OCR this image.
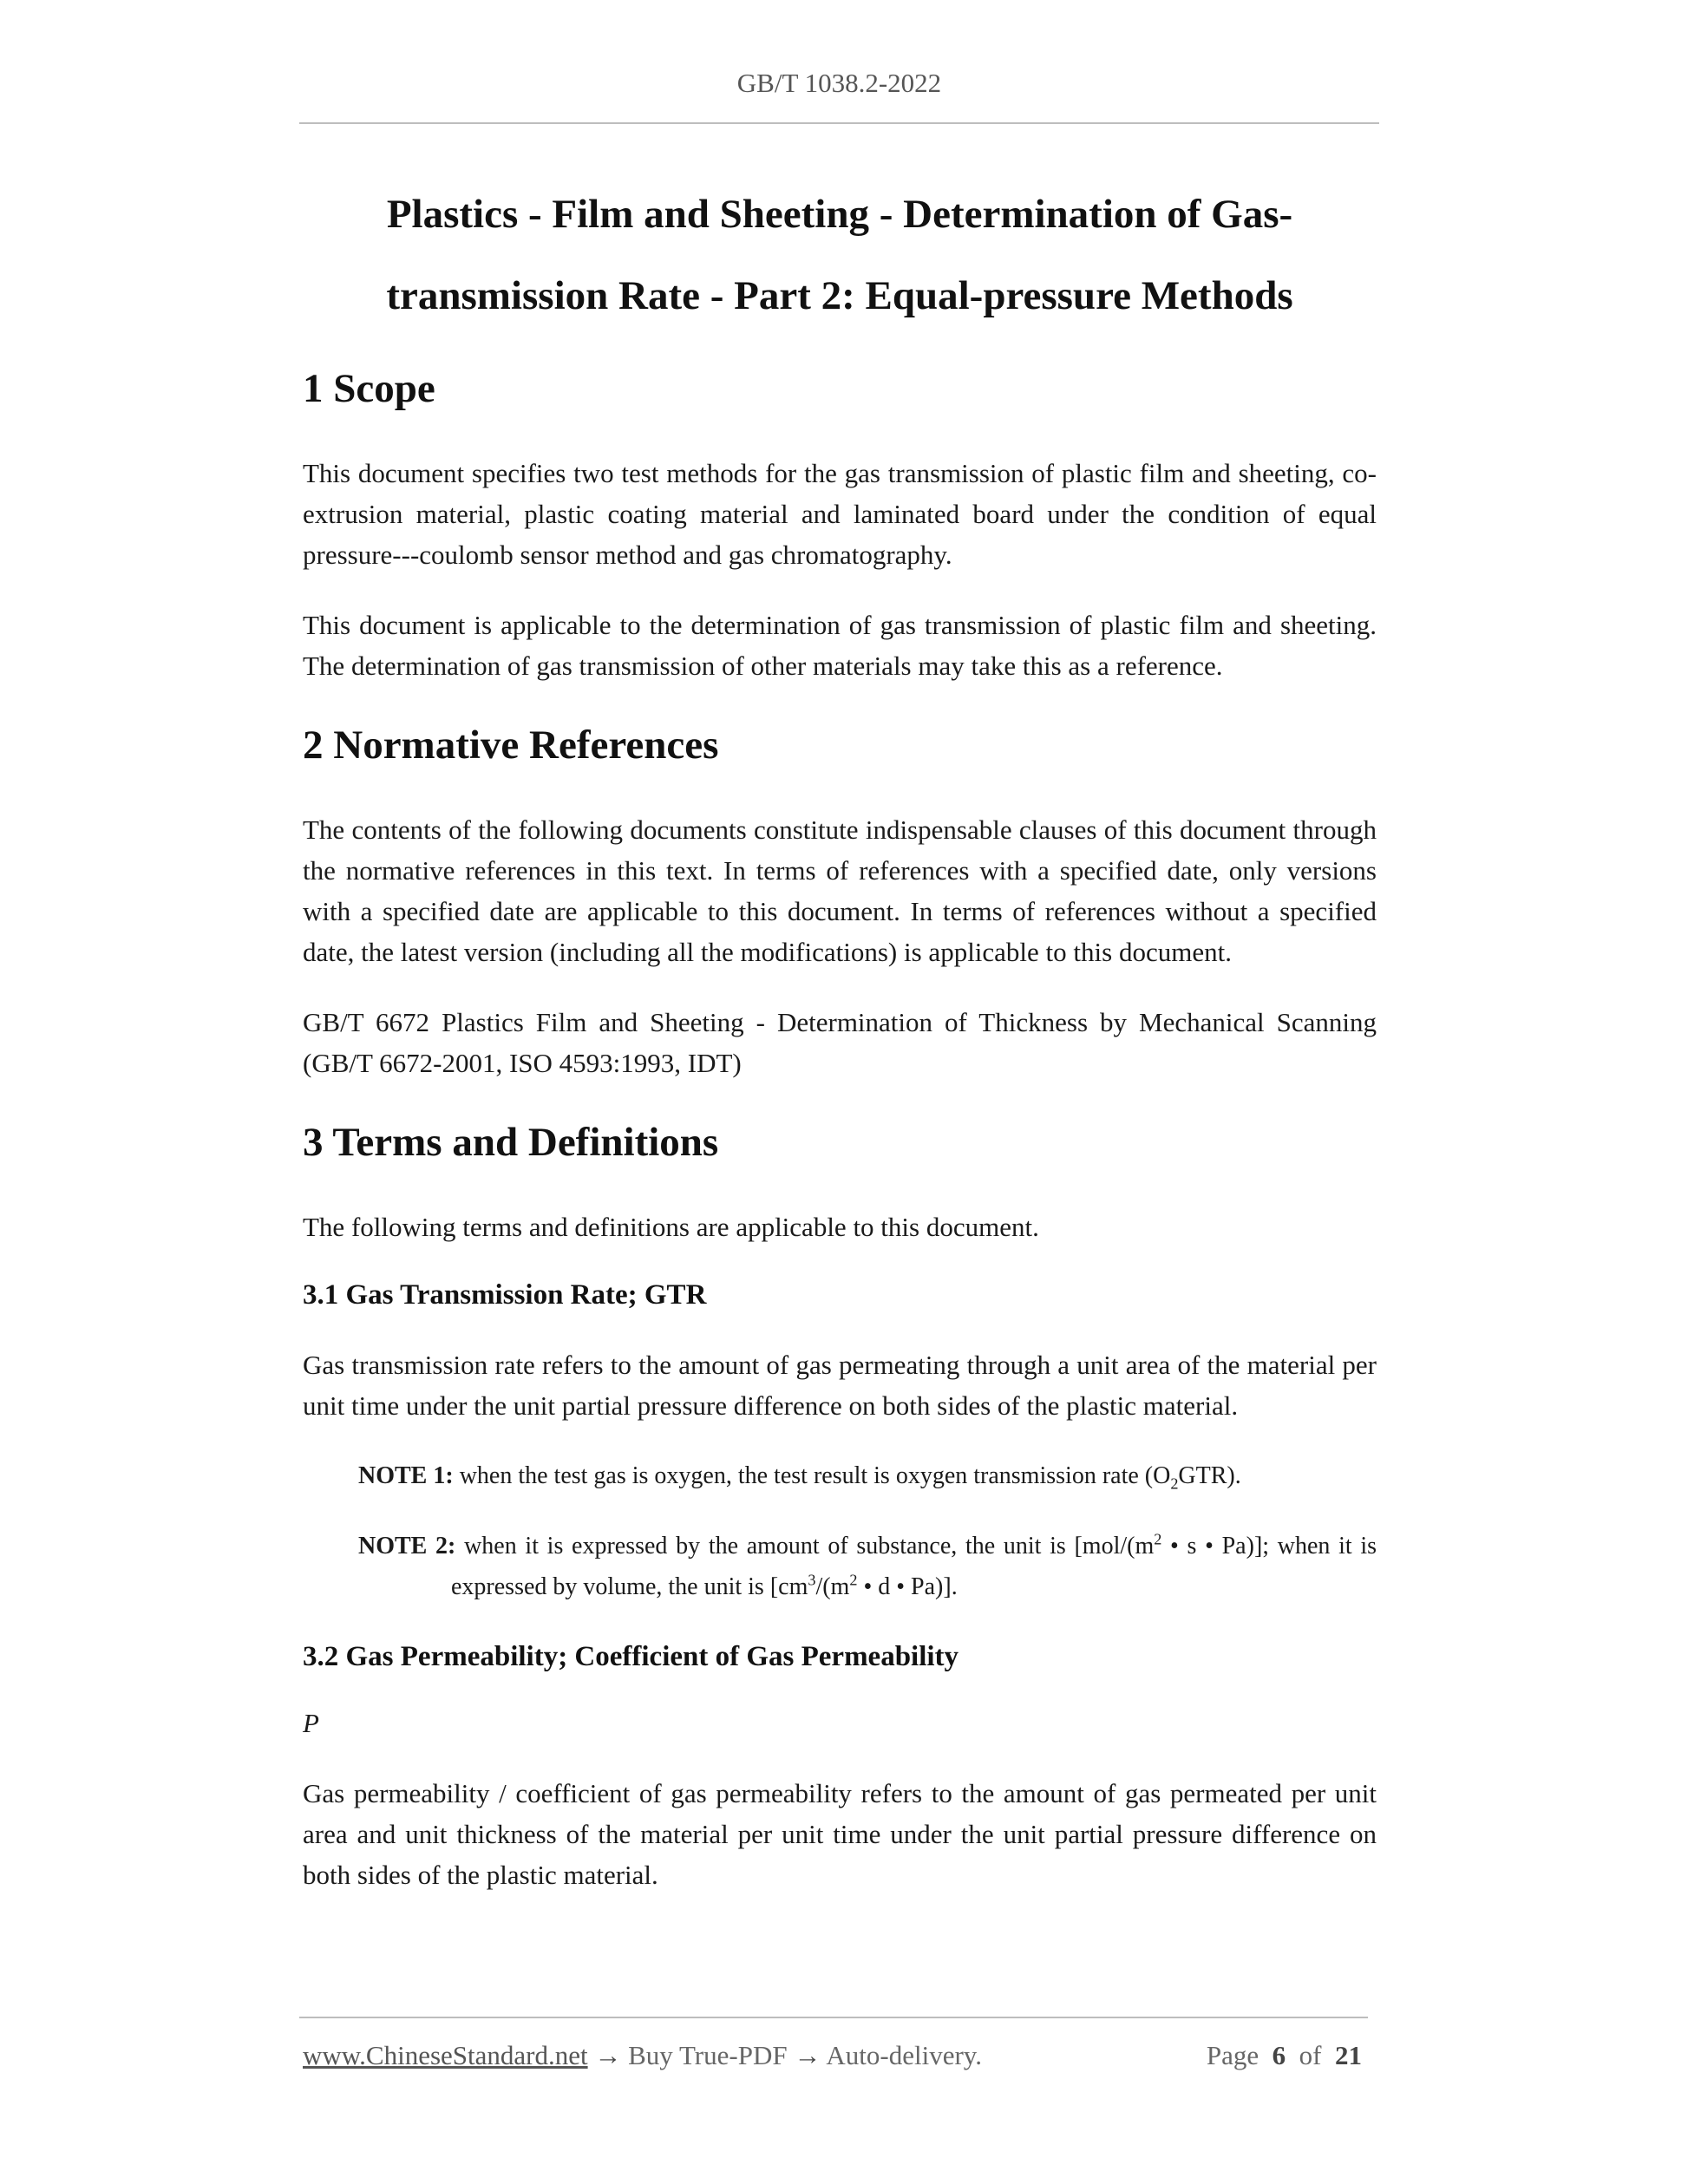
GB/T 1038.2-2022
Plastics - Film and Sheeting - Determination of Gas-
transmission Rate - Part 2: Equal-pressure Methods
1 Scope

This document specifies two test methods for the gas transmission of plastic film and sheeting, co-extrusion material, plastic coating material and laminated board under the condition of equal pressure---coulomb sensor method and gas chromatography.

This document is applicable to the determination of gas transmission of plastic film and sheeting. The determination of gas transmission of other materials may take this as a reference.

2 Normative References

The contents of the following documents constitute indispensable clauses of this document through the normative references in this text. In terms of references with a specified date, only versions with a specified date are applicable to this document. In terms of references without a specified date, the latest version (including all the modifications) is applicable to this document.

GB/T 6672 Plastics Film and Sheeting - Determination of Thickness by Mechanical Scanning (GB/T 6672-2001, ISO 4593:1993, IDT)

3 Terms and Definitions

The following terms and definitions are applicable to this document.

3.1 Gas Transmission Rate; GTR

Gas transmission rate refers to the amount of gas permeating through a unit area of the material per unit time under the unit partial pressure difference on both sides of the plastic material.

NOTE 1: when the test gas is oxygen, the test result is oxygen transmission rate $(O_2GTR)$.

NOTE 2: when it is expressed by the amount of substance, the unit is [$mol/(m^2$ • s • Pa)]; when it is expressed by volume, the unit is [$cm^3/(m^2$ • d • Pa)].

3.2 Gas Permeability; Coefficient of Gas Permeability

P

Gas permeability / coefficient of gas permeability refers to the amount of gas permeated per unit area and unit thickness of the material per unit time under the unit partial pressure difference on both sides of the plastic material.

www.ChineseStandard.net → Buy True-PDF → Auto-delivery.	Page 6 of 21
